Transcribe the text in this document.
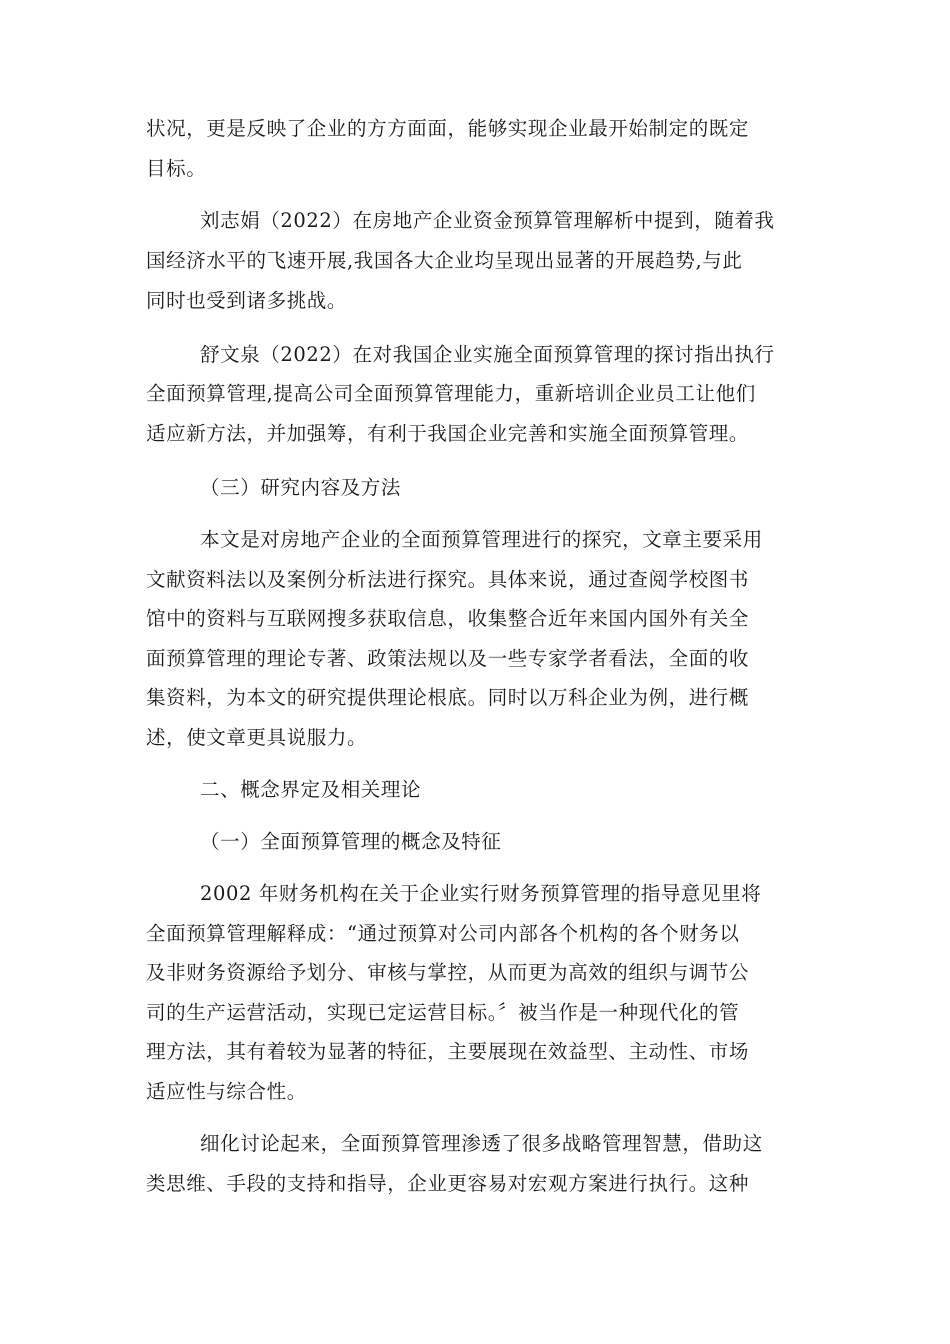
状况，更是反映了企业的方方面面，能够实现企业最开始制定的既定
目标。
刘志娟（2022）在房地产企业资金预算管理解析中提到，随着我
国经济水平的飞速开展,我国各大企业均呈现出显著的开展趋势,与此
同时也受到诸多挑战。
舒文泉（2022）在对我国企业实施全面预算管理的探讨指出执行
全面预算管理,提高公司全面预算管理能力，重新培训企业员工让他们
适应新方法，并加强筹，有利于我国企业完善和实施全面预算管理。
（三）研究内容及方法
本文是对房地产企业的全面预算管理进行的探究，文章主要采用
文献资料法以及案例分析法进行探究。具体来说，通过查阅学校图书
馆中的资料与互联网搜多获取信息，收集整合近年来国内国外有关全
面预算管理的理论专著、政策法规以及一些专家学者看法，全面的收
集资料，为本文的研究提供理论根底。同时以万科企业为例，进行概
述，使文章更具说服力。
二、概念界定及相关理论
（一）全面预算管理的概念及特征
2002 年财务机构在关于企业实行财务预算管理的指导意见里将
全面预算管理解释成：“通过预算对公司内部各个机构的各个财务以
及非财务资源给予划分、审核与掌控，从而更为高效的组织与调节公
司的生产运营活动，实现已定运营目标。〞被当作是一种现代化的管
理方法，其有着较为显著的特征，主要展现在效益型、主动性、市场
适应性与综合性。
细化讨论起来，全面预算管理渗透了很多战略管理智慧，借助这
类思维、手段的支持和指导，企业更容易对宏观方案进行执行。这种
